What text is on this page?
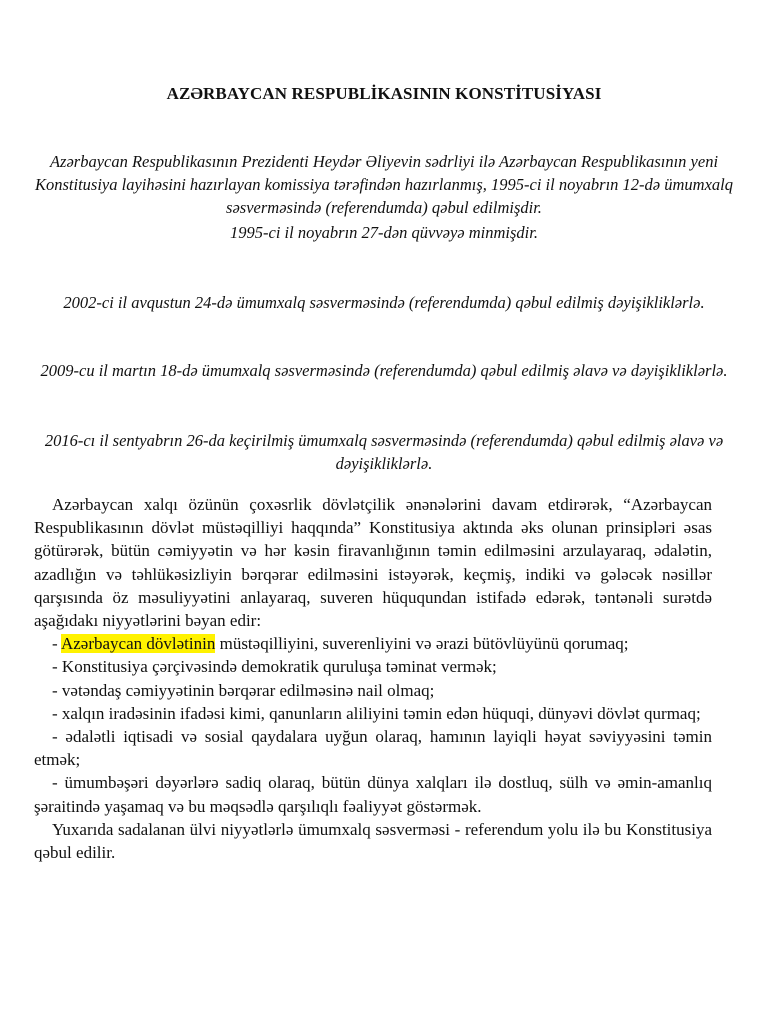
AZƏRBAYCAN RESPUBLİKASININ KONSTİTUSİYASI
Azərbaycan Respublikasının Prezidenti Heydər Əliyevin sədrliyi ilə Azərbaycan Respublikasının yeni Konstitusiya layihəsini hazırlayan komissiya tərəfindən hazırlanmış, 1995-ci il noyabrın 12-də ümumxalq səsverməsində (referendumda) qəbul edilmişdir.
1995-ci il noyabrın 27-dən qüvvəyə minmişdir.
2002-ci il avqustun 24-də ümumxalq səsverməsində (referendumda) qəbul edilmiş dəyişikliklərlə.
2009-cu il martın 18-də ümumxalq səsverməsində (referendumda) qəbul edilmiş əlavə və dəyişikliklərlə.
2016-cı il sentyabrın 26-da keçirilmiş ümumxalq səsverməsində (referendumda) qəbul edilmiş əlavə və dəyişikliklərlə.

Azərbaycan xalqı özünün çoxəsrlik dövlətçilik ənənələrini davam etdirərək, “Azərbaycan Respublikasının dövlət müstəqilliyi haqqında” Konstitusiya aktında əks olunan prinsipləri əsas götürərək, bütün cəmiyyətin və hər kəsin firavanlığının təmin edilməsini arzulayaraq, ədalətin, azadlığın və təhlükəsizliyin bərqərar edilməsini istəyərək, keçmiş, indiki və gələcək nəsillər qarşısında öz məsuliyyətini anlayaraq, suveren hüququndan istifadə edərək, təntənəli surətdə aşağıdakı niyyətlərini bəyan edir:

- Azərbaycan dövlətinin müstəqilliyini, suverenliyini və ərazi bütövlüyünü qorumaq;

- Konstitusiya çərçivəsində demokratik quruluşa təminat vermək;

- vətəndaş cəmiyyətinin bərqərar edilməsinə nail olmaq;

- xalqın iradəsinin ifadəsi kimi, qanunların aliliyini təmin edən hüquqi, dünyəvi dövlət qurmaq;

- ədalətli iqtisadi və sosial qaydalara uyğun olaraq, hamının layiqli həyat səviyyəsini təmin etmək;

- ümumbəşəri dəyərlərə sadiq olaraq, bütün dünya xalqları ilə dostluq, sülh və əmin-amanlıq şəraitində yaşamaq və bu məqsədlə qarşılıqlı fəaliyyət göstərmək.

Yuxarıda sadalanan ülvi niyyətlərlə ümumxalq səsverməsi - referendum yolu ilə bu Konstitusiya qəbul edilir.
